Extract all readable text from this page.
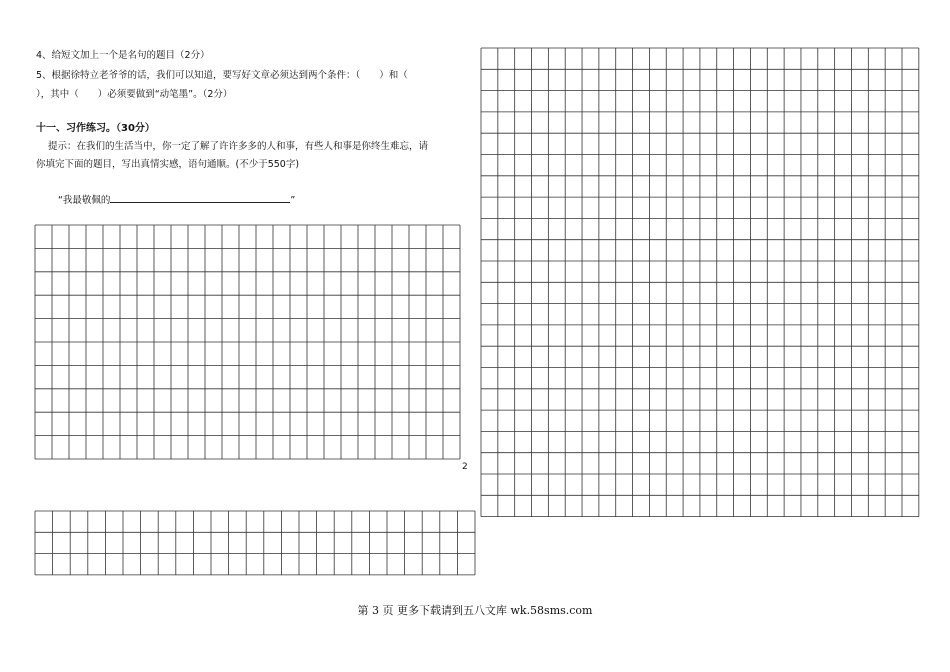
4、给短文加上一个是名句的题目（2分）
5、根据徐特立老爷爷的话，我们可以知道，要写好文章必须达到两个条件：（　　）和（
），其中（　　）必须要做到“动笔墨”。（2分）
十一、习作练习。（30分）
提示：在我们的生活当中，你一定了解了许许多多的人和事，有些人和事是你终生难忘，请
你填完下面的题目，写出真情实感，语句通顺。(不少于550字)
“我最敬佩的	”
2
第 3 页 更多下载请到五八文库 wk.58sms.com
